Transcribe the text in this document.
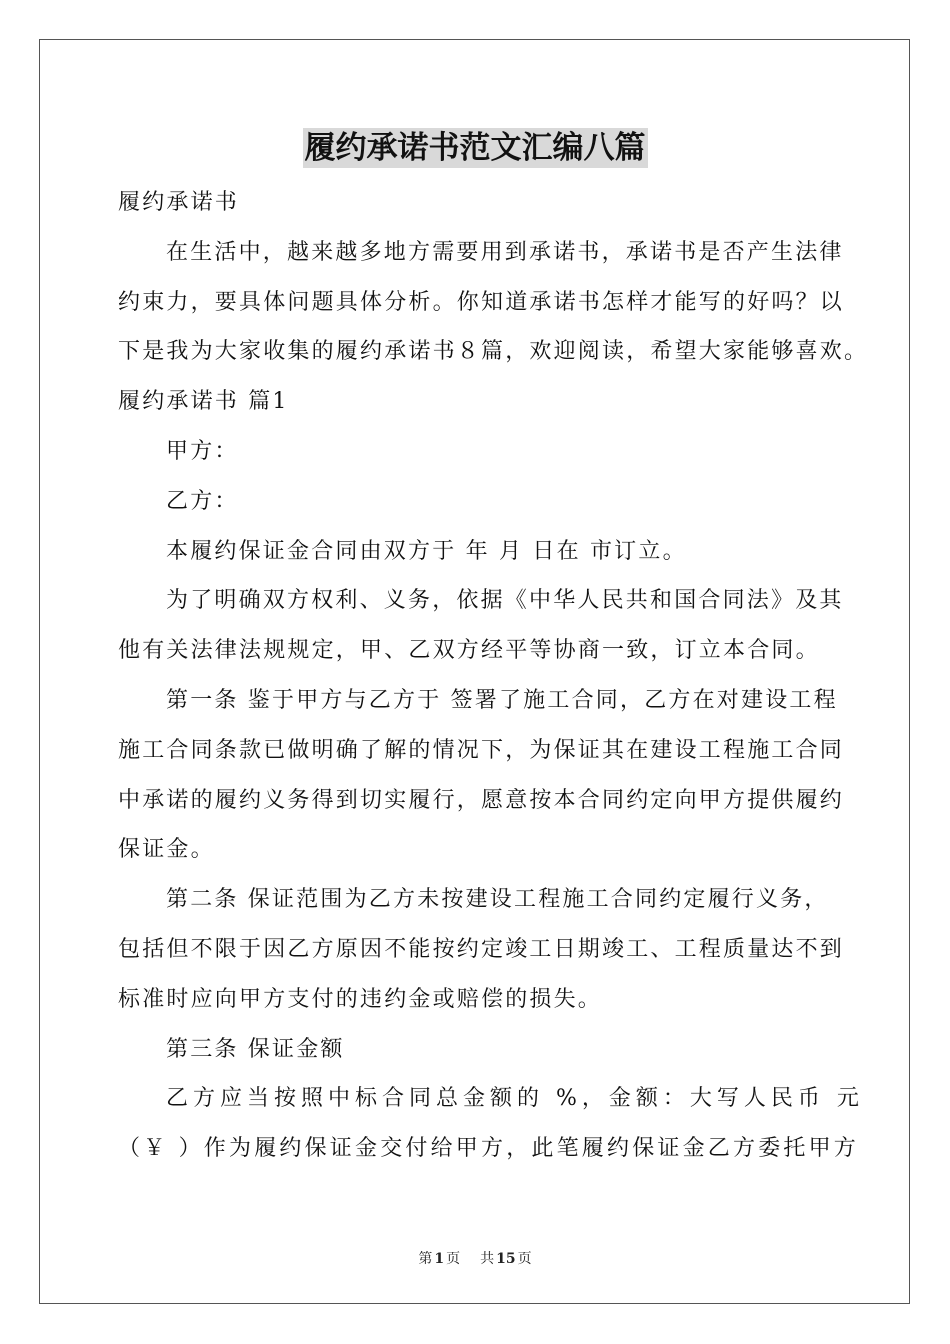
履约承诺书范文汇编八篇
履约承诺书
在生活中，越来越多地方需要用到承诺书，承诺书是否产生法律
约束力，要具体问题具体分析。你知道承诺书怎样才能写的好吗？以
下是我为大家收集的履约承诺书８篇，欢迎阅读，希望大家能够喜欢。
履约承诺书 篇1
甲方：
乙方：
本履约保证金合同由双方于 年 月 日在 市订立。
为了明确双方权利、义务，依据《中华人民共和国合同法》及其
他有关法律法规规定，甲、乙双方经平等协商一致，订立本合同。
第一条 鉴于甲方与乙方于 签署了施工合同，乙方在对建设工程
施工合同条款已做明确了解的情况下，为保证其在建设工程施工合同
中承诺的履约义务得到切实履行，愿意按本合同约定向甲方提供履约
保证金。
第二条 保证范围为乙方未按建设工程施工合同约定履行义务，
包括但不限于因乙方原因不能按约定竣工日期竣工、工程质量达不到
标准时应向甲方支付的违约金或赔偿的损失。
第三条 保证金额
乙方应当按照中标合同总金额的 %，金额：大写人民币 元
（￥ ）作为履约保证金交付给甲方，此笔履约保证金乙方委托甲方
第 1 页 共 15 页
